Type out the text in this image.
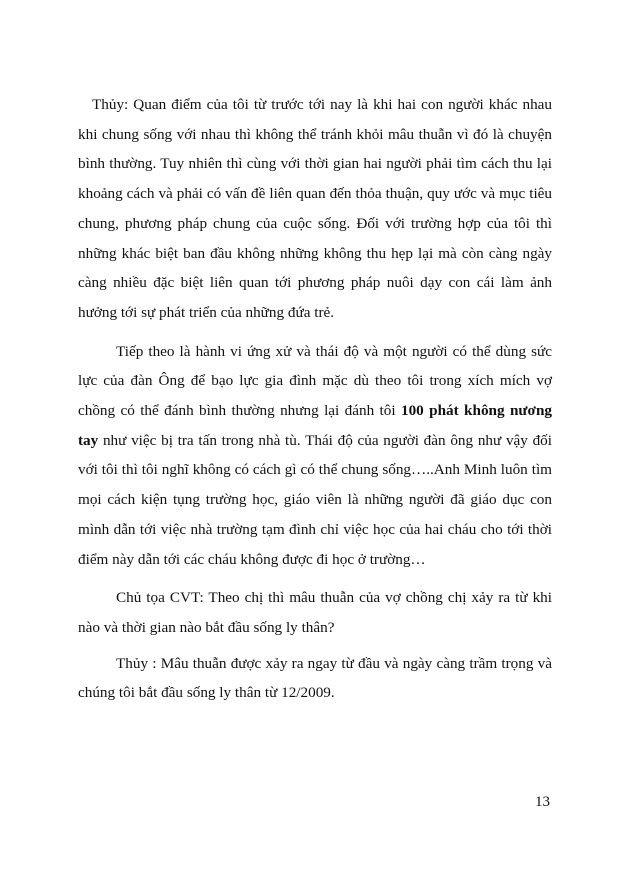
Thủy: Quan điểm của tôi từ trước tới nay là khi hai con người khác nhau khi chung sống với nhau thì không thể tránh khỏi mâu thuẫn vì đó là chuyện bình thường. Tuy nhiên thì cùng với thời gian hai người phải tìm cách thu lại khoảng cách và phải có vấn đề liên quan đến thỏa thuận, quy ước và mục tiêu chung, phương pháp chung của cuộc sống. Đối với trường hợp của tôi thì những khác biệt ban đầu không những không thu hẹp lại mà còn càng ngày càng nhiều đặc biệt liên quan tới phương pháp nuôi dạy con cái làm ảnh hưởng tới sự phát triển của những đứa trẻ.

Tiếp theo là hành vi ứng xử và thái độ và một người có thể dùng sức lực của đàn Ông để bạo lực gia đình mặc dù theo tôi trong xích mích vợ chồng có thể đánh bình thường nhưng lại đánh tôi 100 phát không nương tay như việc bị tra tấn trong nhà tù. Thái độ của người đàn ông như vậy đối với tôi thì tôi nghĩ không có cách gì có thể chung sống…..Anh Minh luôn tìm mọi cách kiện tụng trường học, giáo viên là những người đã giáo dục con mình dẫn tới việc nhà trường tạm đình chỉ việc học của hai cháu cho tới thời điểm này dẫn tới các cháu không được đi học ở trường…

Chủ tọa CVT: Theo chị thì mâu thuẫn của vợ chồng chị xảy ra từ khi nào và thời gian nào bắt đầu sống ly thân?

Thủy : Mâu thuẫn được xảy ra ngay từ đầu và ngày càng trầm trọng và chúng tôi bắt đầu sống ly thân từ 12/2009.

13
